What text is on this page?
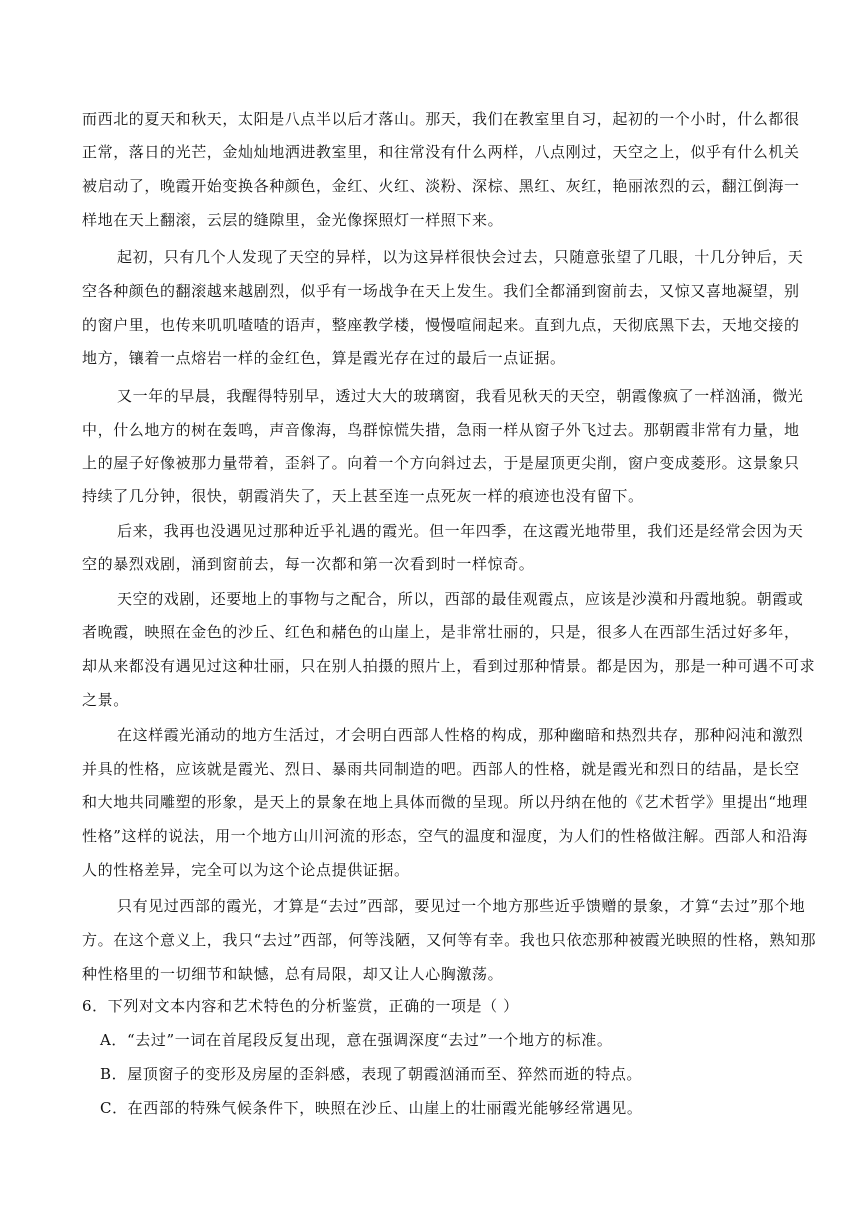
而西北的夏天和秋天，太阳是八点半以后才落山。那天，我们在教室里自习，起初的一个小时，什么都很
正常，落日的光芒，金灿灿地洒进教室里，和往常没有什么两样，八点刚过，天空之上，似乎有什么机关
被启动了，晚霞开始变换各种颜色，金红、火红、淡粉、深棕、黑红、灰红，艳丽浓烈的云，翻江倒海一
样地在天上翻滚，云层的缝隙里，金光像探照灯一样照下来。
起初，只有几个人发现了天空的异样，以为这异样很快会过去，只随意张望了几眼，十几分钟后，天
空各种颜色的翻滚越来越剧烈，似乎有一场战争在天上发生。我们全都涌到窗前去，又惊又喜地凝望，别
的窗户里，也传来叽叽喳喳的语声，整座教学楼，慢慢喧闹起来。直到九点，天彻底黑下去，天地交接的
地方，镶着一点熔岩一样的金红色，算是霞光存在过的最后一点证据。
又一年的早晨，我醒得特别早，透过大大的玻璃窗，我看见秋天的天空，朝霞像疯了一样汹涌，微光
中，什么地方的树在轰鸣，声音像海，鸟群惊慌失措，急雨一样从窗子外飞过去。那朝霞非常有力量，地
上的屋子好像被那力量带着，歪斜了。向着一个方向斜过去，于是屋顶更尖削，窗户变成菱形。这景象只
持续了几分钟，很快，朝霞消失了，天上甚至连一点死灰一样的痕迹也没有留下。
后来，我再也没遇见过那种近乎礼遇的霞光。但一年四季，在这霞光地带里，我们还是经常会因为天
空的暴烈戏剧，涌到窗前去，每一次都和第一次看到时一样惊奇。
天空的戏剧，还要地上的事物与之配合，所以，西部的最佳观霞点，应该是沙漠和丹霞地貌。朝霞或
者晚霞，映照在金色的沙丘、红色和赭色的山崖上，是非常壮丽的，只是，很多人在西部生活过好多年，
却从来都没有遇见过这种壮丽，只在别人拍摄的照片上，看到过那种情景。都是因为，那是一种可遇不可求
之景。
在这样霞光涌动的地方生活过，才会明白西部人性格的构成，那种幽暗和热烈共存，那种闷沌和激烈
并具的性格，应该就是霞光、烈日、暴雨共同制造的吧。西部人的性格，就是霞光和烈日的结晶，是长空
和大地共同雕塑的形象，是天上的景象在地上具体而微的呈现。所以丹纳在他的《艺术哲学》里提出“地理
性格”这样的说法，用一个地方山川河流的形态，空气的温度和湿度，为人们的性格做注解。西部人和沿海
人的性格差异，完全可以为这个论点提供证据。
只有见过西部的霞光，才算是“去过”西部，要见过一个地方那些近乎馈赠的景象，才算“去过”那个地
方。在这个意义上，我只“去过”西部，何等浅陋，又何等有幸。我也只依恋那种被霞光映照的性格，熟知那
种性格里的一切细节和缺憾，总有局限，却又让人心胸激荡。
6．下列对文本内容和艺术特色的分析鉴赏，正确的一项是（ ）
A．“去过”一词在首尾段反复出现，意在强调深度“去过”一个地方的标准。
B．屋顶窗子的变形及房屋的歪斜感，表现了朝霞汹涌而至、猝然而逝的特点。
C．在西部的特殊气候条件下，映照在沙丘、山崖上的壮丽霞光能够经常遇见。
